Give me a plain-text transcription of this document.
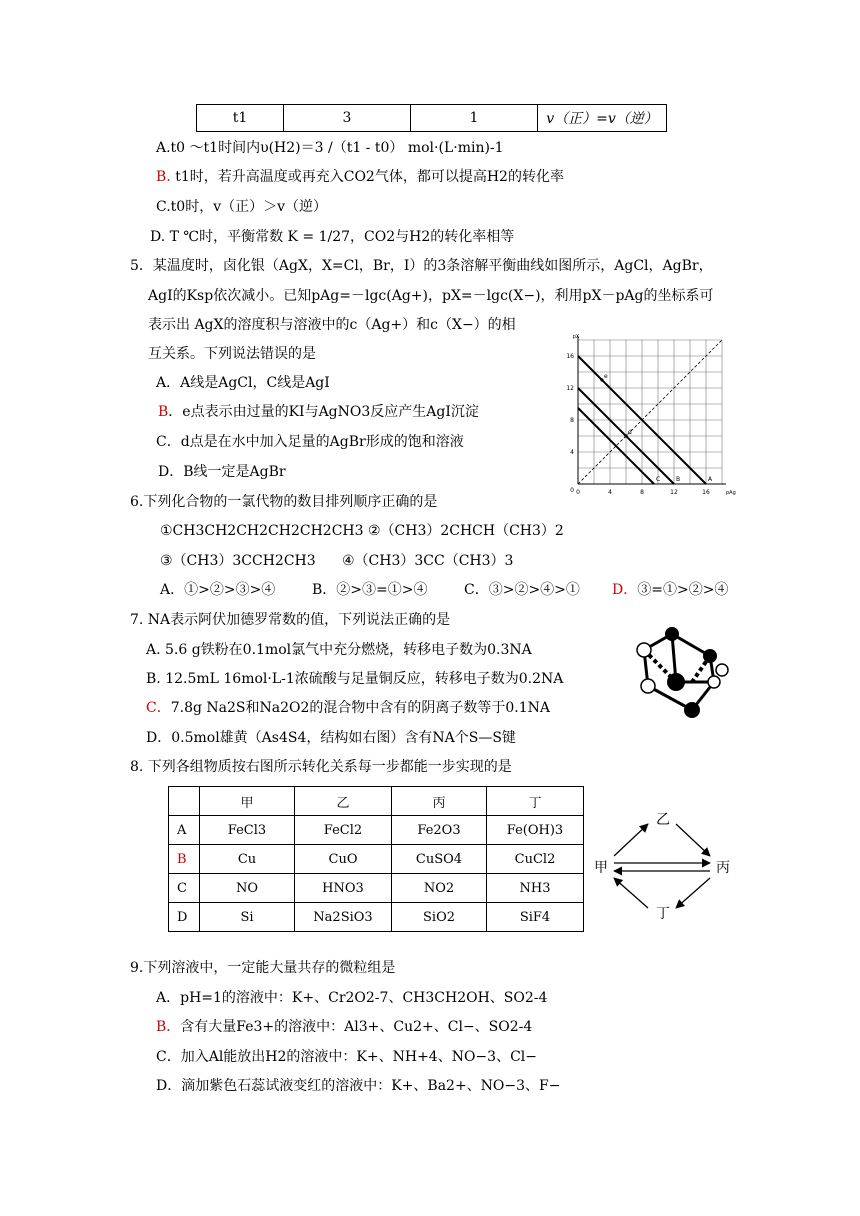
t1	3	1	v（正）=v（逆）
A.t0 ～t1时间内υ(H2)＝3 /（t1 - t0） mol·(L·min)-1
B. t1时，若升高温度或再充入CO2气体，都可以提高H2的转化率
C.t0时，v（正）＞v（逆）
D. T ℃时，平衡常数 K = 1/27，CO2与H2的转化率相等
5．某温度时，卤化银（AgX，X=Cl，Br，I）的3条溶解平衡曲线如图所示，AgCl，AgBr，
AgI的Ksp依次减小。已知pAg=－lgc(Ag+)，pX=－lgc(X−)，利用pX－pAg的坐标系可
表示出 AgX的溶度积与溶液中的c（Ag+）和c（X−）的相
互关系。下列说法错误的是
A．A线是AgCl，C线是AgI
B．e点表示由过量的KI与AgNO3反应产生AgI沉淀
C．d点是在水中加入足量的AgBr形成的饱和溶液
D．B线一定是AgBr
0	4	8	12	16
4
8
12
16
0	pAg
pX
A
B
C
e
d
6.下列化合物的一氯代物的数目排列顺序正确的是
①CH3CH2CH2CH2CH2CH3 ②（CH3）2CHCH（CH3）2
③（CH3）3CCH2CH3 ④（CH3）3CC（CH3）3
A．①>②>③>④	B．②>③=①>④	C．③>②>④>① D．③=①>②>④
7. NA表示阿伏加德罗常数的值，下列说法正确的是
A. 5.6 g铁粉在0.1mol氯气中充分燃烧，转移电子数为0.3NA
B. 12.5mL 16mol·L-1浓硫酸与足量铜反应，转移电子数为0.2NA
C．7.8g Na2S和Na2O2的混合物中含有的阴离子数等于0.1NA
D．0.5mol雄黄（As4S4，结构如右图）含有NA个S—S键
8. 下列各组物质按右图所示转化关系每一步都能一步实现的是
	甲	乙	丙	丁
A	FeCl3	FeCl2	Fe2O3	Fe(OH)3
B	Cu	CuO	CuSO4	CuCl2
C	NO	HNO3	NO2	NH3
D	Si	Na2SiO3	SiO2	SiF4
乙
甲	丙
丁
9.下列溶液中，一定能大量共存的微粒组是
A．pH=1的溶液中：K+、Cr2O2-7、CH3CH2OH、SO2-4
B．含有大量Fe3+的溶液中：Al3+、Cu2+、Cl−、SO2-4
C．加入Al能放出H2的溶液中：K+、NH+4、NO−3、Cl−
D．滴加紫色石蕊试液变红的溶液中：K+、Ba2+、NO−3、F−
